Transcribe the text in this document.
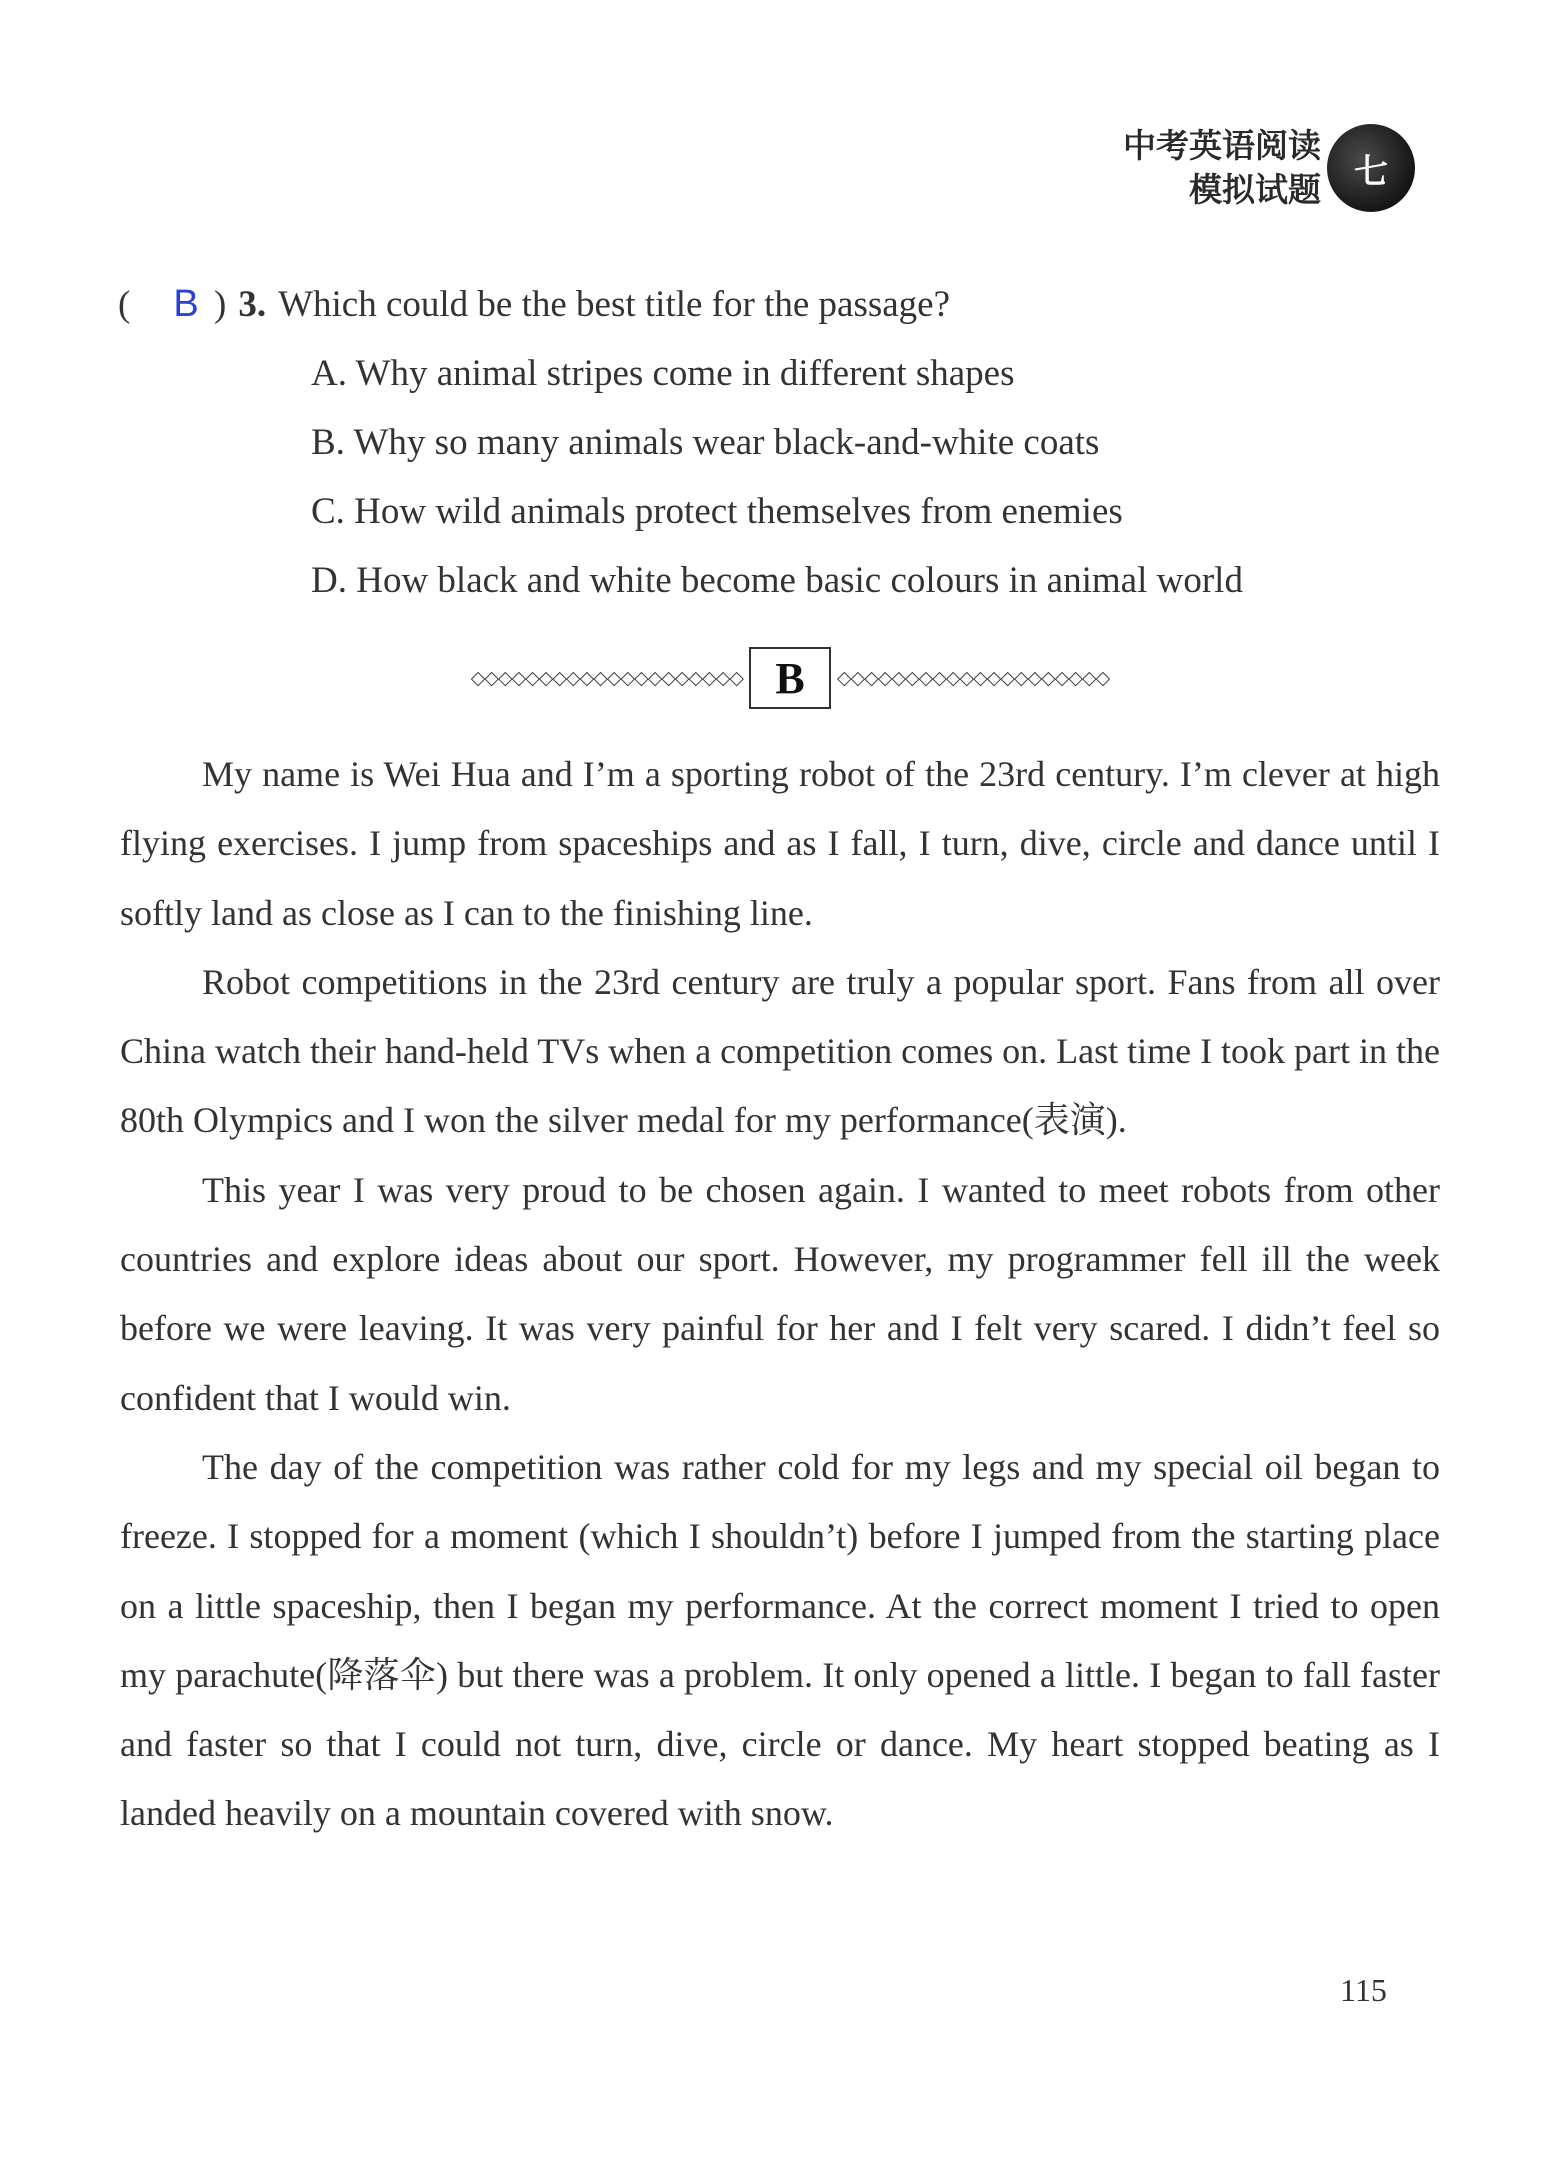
中考英语阅读
模拟试题 七
(	B ) 3. Which could be the best title for the passage?
A. Why animal stripes come in different shapes
B. Why so many animals wear black-and-white coats
C. How wild animals protect themselves from enemies
D. How black and white become basic colours in animal world
◇◇◇◇◇◇◇◇◇◇◇◇◇◇◇◇◇◇◇◇ B	◇◇◇◇◇◇◇◇◇◇◇◇◇◇◇◇◇◇◇◇

My name is Wei Hua and I’m a sporting robot of the 23rd century. I’m clever at high flying exercises. I jump from spaceships and as I fall, I turn, dive, circle and dance until I softly land as close as I can to the finishing line.

Robot competitions in the 23rd century are truly a popular sport. Fans from all over China watch their hand-held TVs when a competition comes on. Last time I took part in the 80th Olympics and I won the silver medal for my performance(表演).

This year I was very proud to be chosen again. I wanted to meet robots from other countries and explore ideas about our sport. However, my programmer fell ill the week before we were leaving. It was very painful for her and I felt very scared. I didn’t feel so confident that I would win.

The day of the competition was rather cold for my legs and my special oil began to freeze. I stopped for a moment (which I shouldn’t) before I jumped from the starting place on a little spaceship, then I began my performance. At the correct moment I tried to open my parachute(降落伞) but there was a problem. It only opened a little. I began to fall faster and faster so that I could not turn, dive, circle or dance. My heart stopped beating as I landed heavily on a mountain covered with snow.

115
